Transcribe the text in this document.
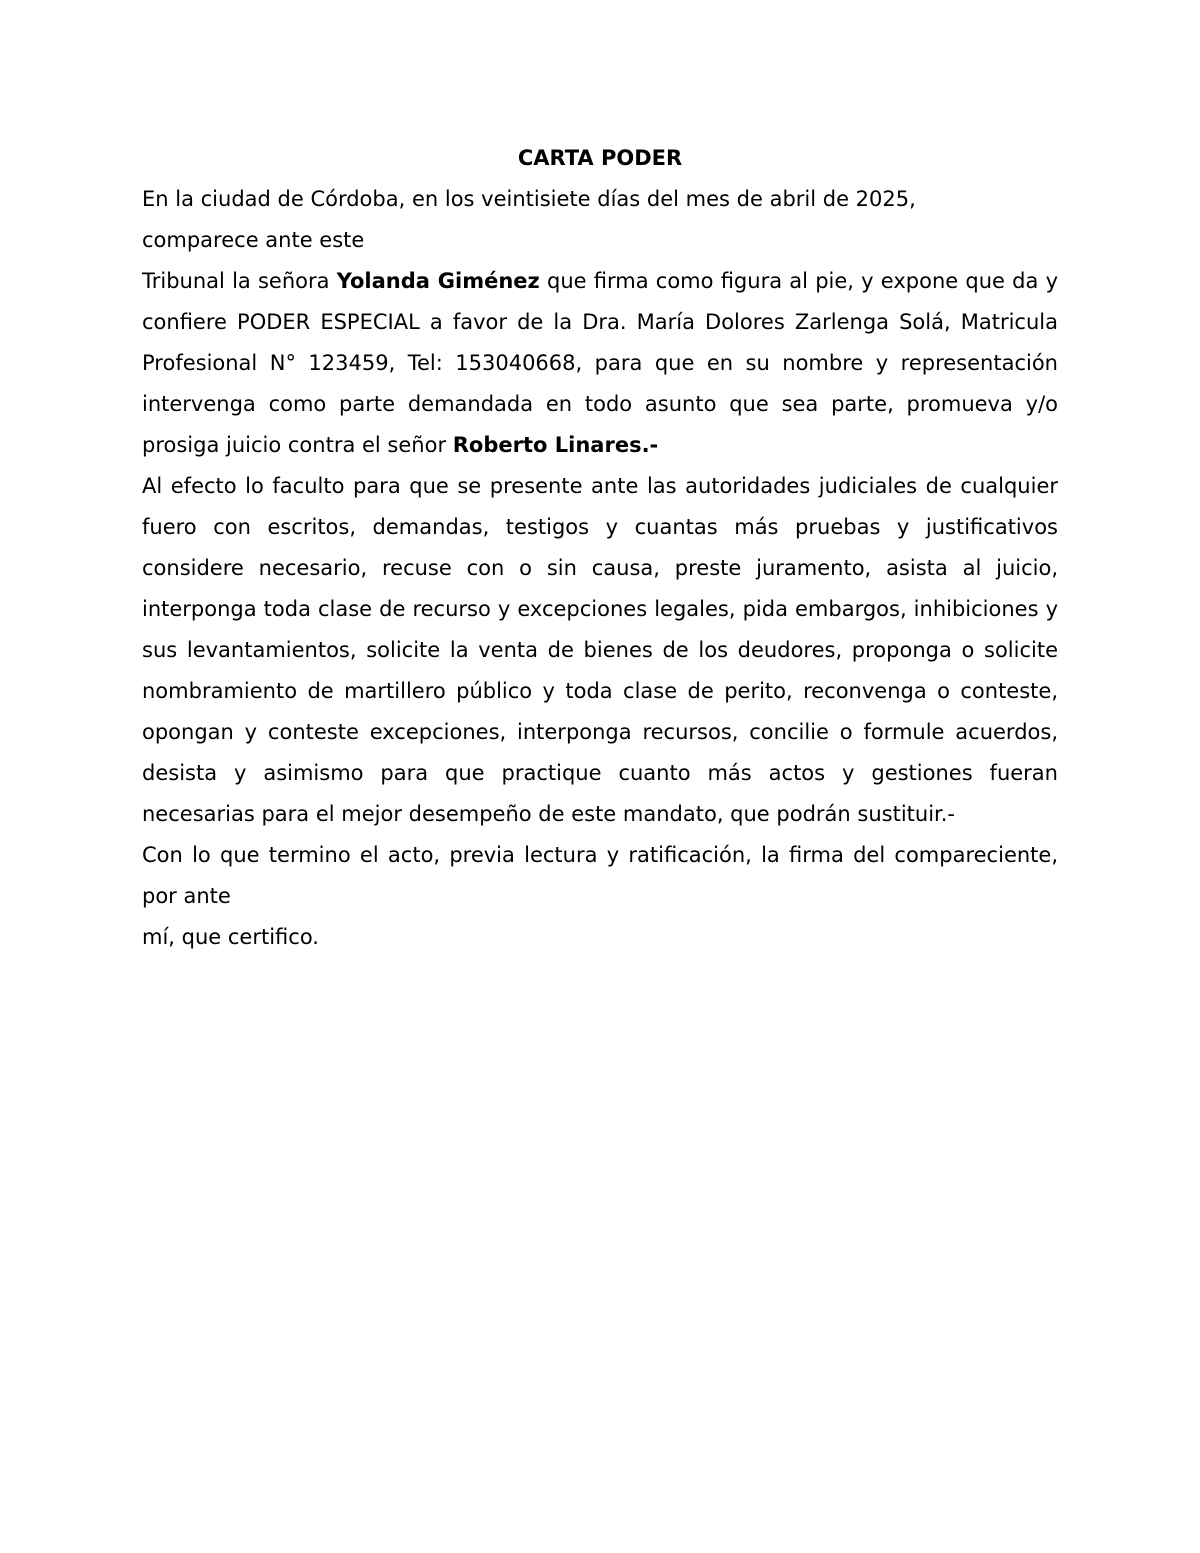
CARTA PODER

En la ciudad de Córdoba, en los veintisiete días del mes de abril de 2025,

comparece ante este

Tribunal la señora Yolanda Giménez que firma como figura al pie, y expone que da y confiere PODER ESPECIAL a favor de la Dra. María Dolores Zarlenga Solá, Matricula Profesional N° 123459, Tel: 153040668, para que en su nombre y representación intervenga como parte demandada en todo asunto que sea parte, promueva y/o prosiga juicio contra el señor Roberto Linares.-

Al efecto lo faculto para que se presente ante las autoridades judiciales de cualquier fuero con escritos, demandas, testigos y cuantas más pruebas y justificativos considere necesario, recuse con o sin causa, preste juramento, asista al juicio, interponga toda clase de recurso y excepciones legales, pida embargos, inhibiciones y sus levantamientos, solicite la venta de bienes de los deudores, proponga o solicite nombramiento de martillero público y toda clase de perito, reconvenga o conteste, opongan y conteste excepciones, interponga recursos, concilie o formule acuerdos, desista y asimismo para que practique cuanto más actos y gestiones fueran necesarias para el mejor desempeño de este mandato, que podrán sustituir.-

Con lo que termino el acto, previa lectura y ratificación, la firma del compareciente, por ante

mí, que certifico.
